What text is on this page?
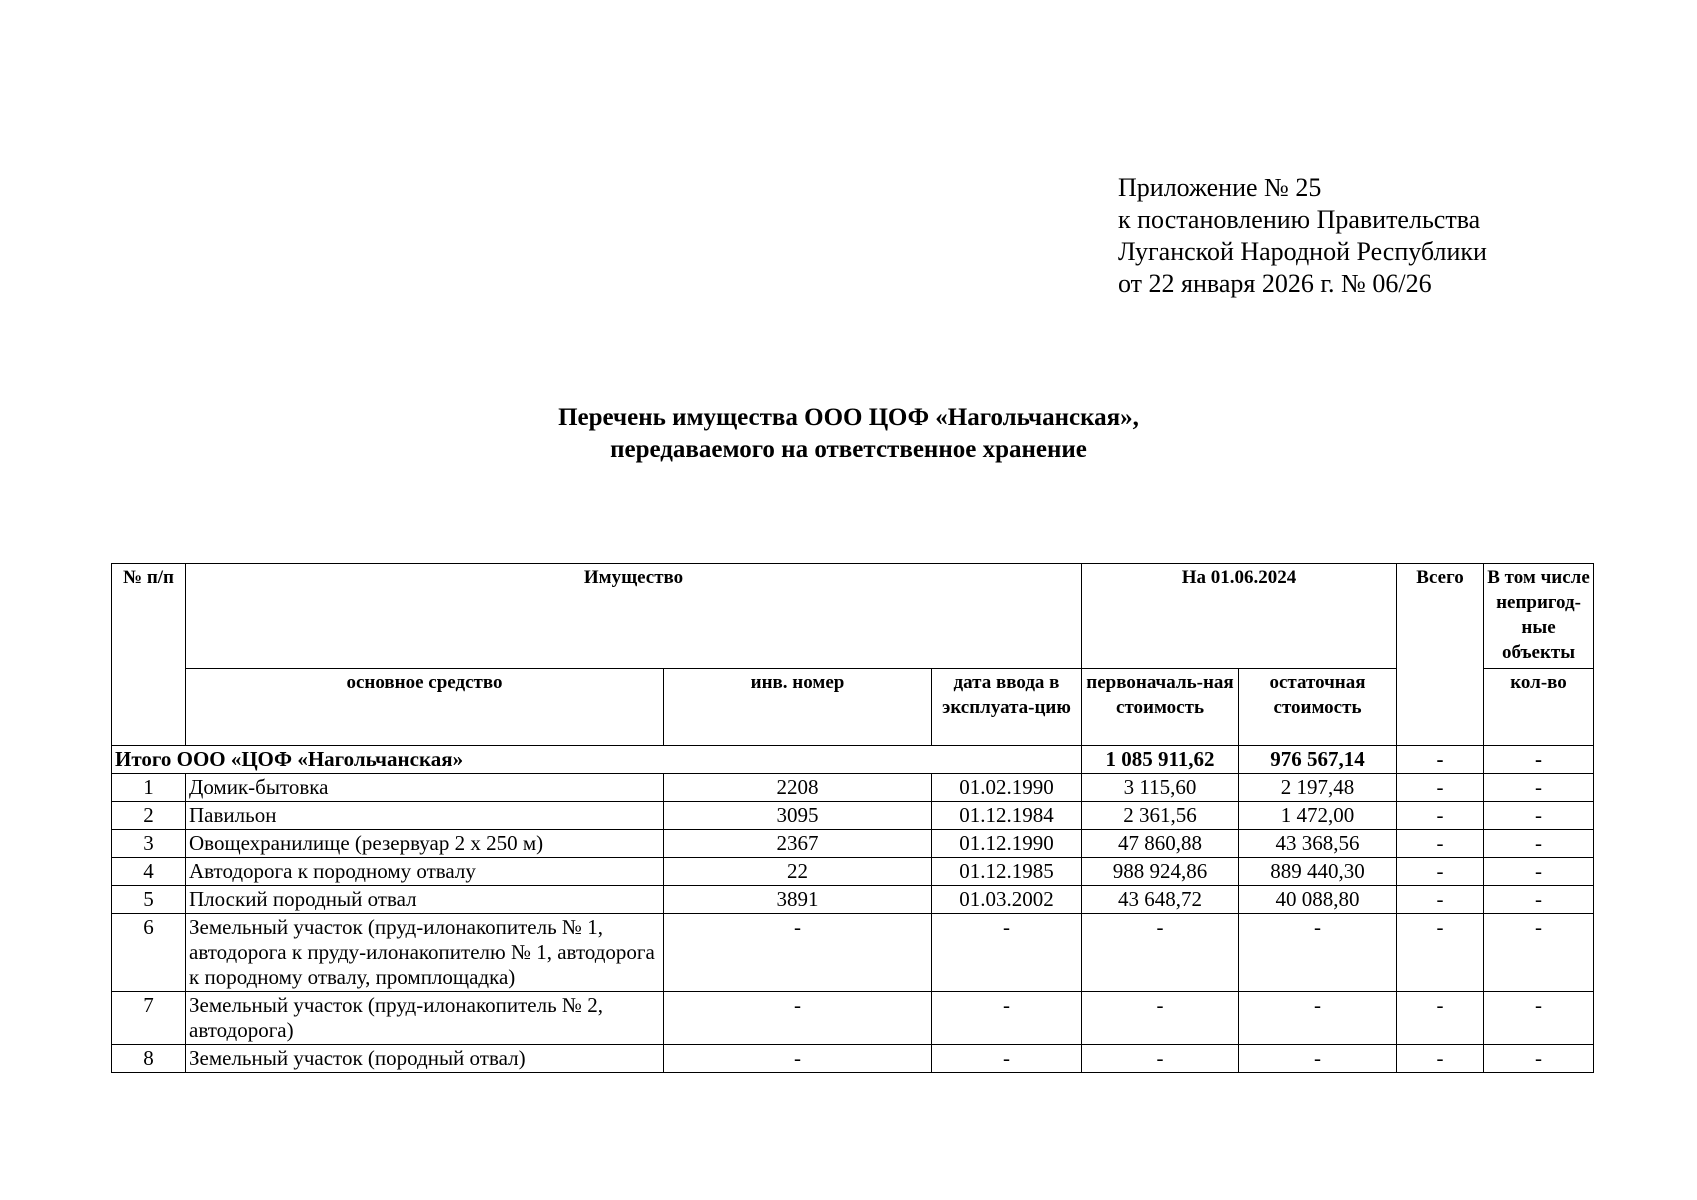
Приложение № 25
к постановлению Правительства
Луганской Народной Республики
от 22 января 2026 г. № 06/26
Перечень имущества ООО ЦОФ «Нагольчанская»,
передаваемого на ответственное хранение
№ п/п	Имущество			На 01.06.2024		Всего	В том числе непригод-ные объекты
	основное средство	инв. номер	дата ввода в эксплуата-цию	первоначаль-ная стоимость	остаточная стоимость		кол-во
Итого ООО «ЦОФ «Нагольчанская»				1 085 911,62	976 567,14	-	-
1	Домик-бытовка	2208	01.02.1990	3 115,60	2 197,48	-	-
2	Павильон	3095	01.12.1984	2 361,56	1 472,00	-	-
3	Овощехранилище (резервуар 2 х 250 м)	2367	01.12.1990	47 860,88	43 368,56	-	-
4	Автодорога к породному отвалу	22	01.12.1985	988 924,86	889 440,30	-	-
5	Плоский породный отвал	3891	01.03.2002	43 648,72	40 088,80	-	-
6	Земельный участок (пруд-илонакопитель № 1, автодорога к пруду-илонакопителю № 1, автодорога к породному отвалу, промплощадка)	-	-	-	-	-	-
7	Земельный участок (пруд-илонакопитель № 2, автодорога)	-	-	-	-	-	-
8	Земельный участок (породный отвал)	-	-	-	-	-	-
